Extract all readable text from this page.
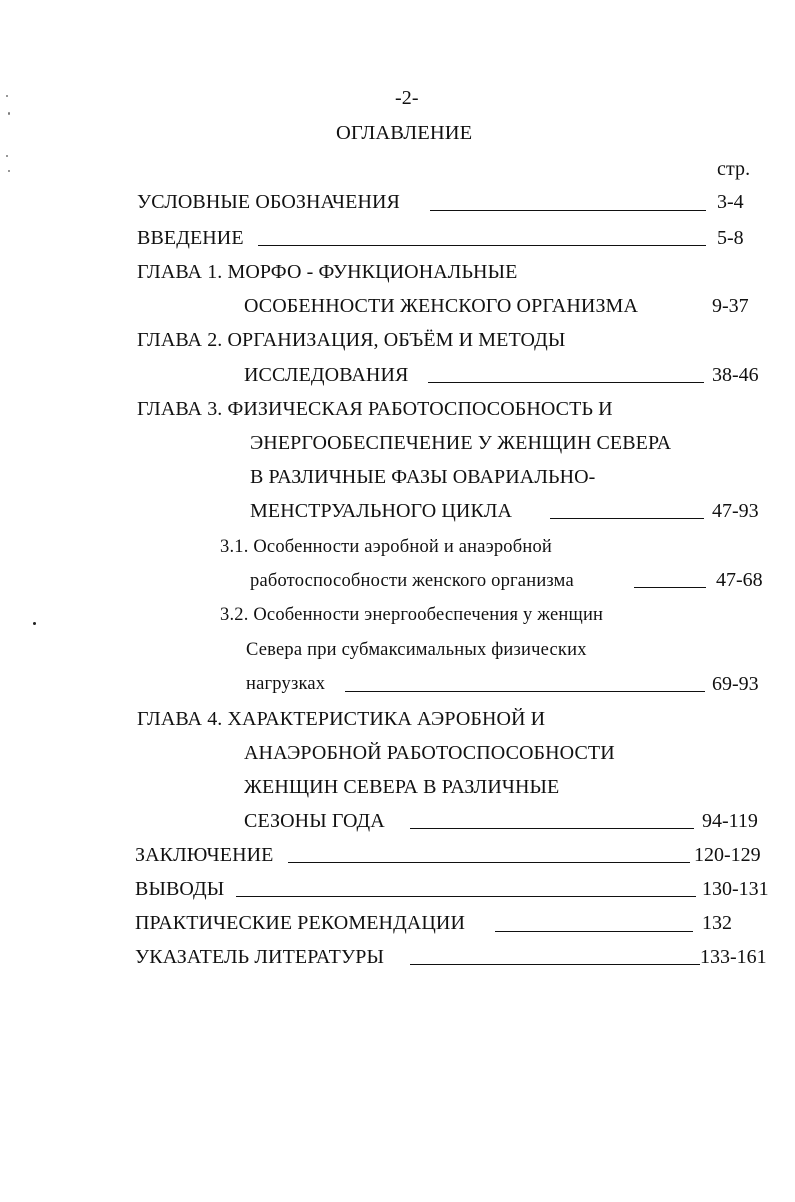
-2-
ОГЛАВЛЕНИЕ
стр.
УСЛОВНЫЕ ОБОЗНАЧЕНИЯ	3-4
ВВЕДЕНИЕ	5-8
ГЛАВА 1. МОРФО - ФУНКЦИОНАЛЬНЫЕ
ОСОБЕННОСТИ ЖЕНСКОГО ОРГАНИЗМА	9-37
ГЛАВА 2. ОРГАНИЗАЦИЯ, ОБЪЁМ И МЕТОДЫ
ИССЛЕДОВАНИЯ	38-46
ГЛАВА 3. ФИЗИЧЕСКАЯ РАБОТОСПОСОБНОСТЬ И
ЭНЕРГООБЕСПЕЧЕНИЕ У ЖЕНЩИН СЕВЕРА
В РАЗЛИЧНЫЕ ФАЗЫ ОВАРИАЛЬНО-
МЕНСТРУАЛЬНОГО ЦИКЛА	47-93
3.1. Особенности аэробной и анаэробной
работоспособности женского организма	47-68
3.2. Особенности энергообеспечения у женщин
Севера при субмаксимальных физических
нагрузках	69-93
ГЛАВА 4. ХАРАКТЕРИСТИКА АЭРОБНОЙ И
АНАЭРОБНОЙ РАБОТОСПОСОБНОСТИ
ЖЕНЩИН СЕВЕРА В РАЗЛИЧНЫЕ
СЕЗОНЫ ГОДА	94-119
ЗАКЛЮЧЕНИЕ	120-129
ВЫВОДЫ	130-131
ПРАКТИЧЕСКИЕ РЕКОМЕНДАЦИИ	132
УКАЗАТЕЛЬ ЛИТЕРАТУРЫ	133-161
